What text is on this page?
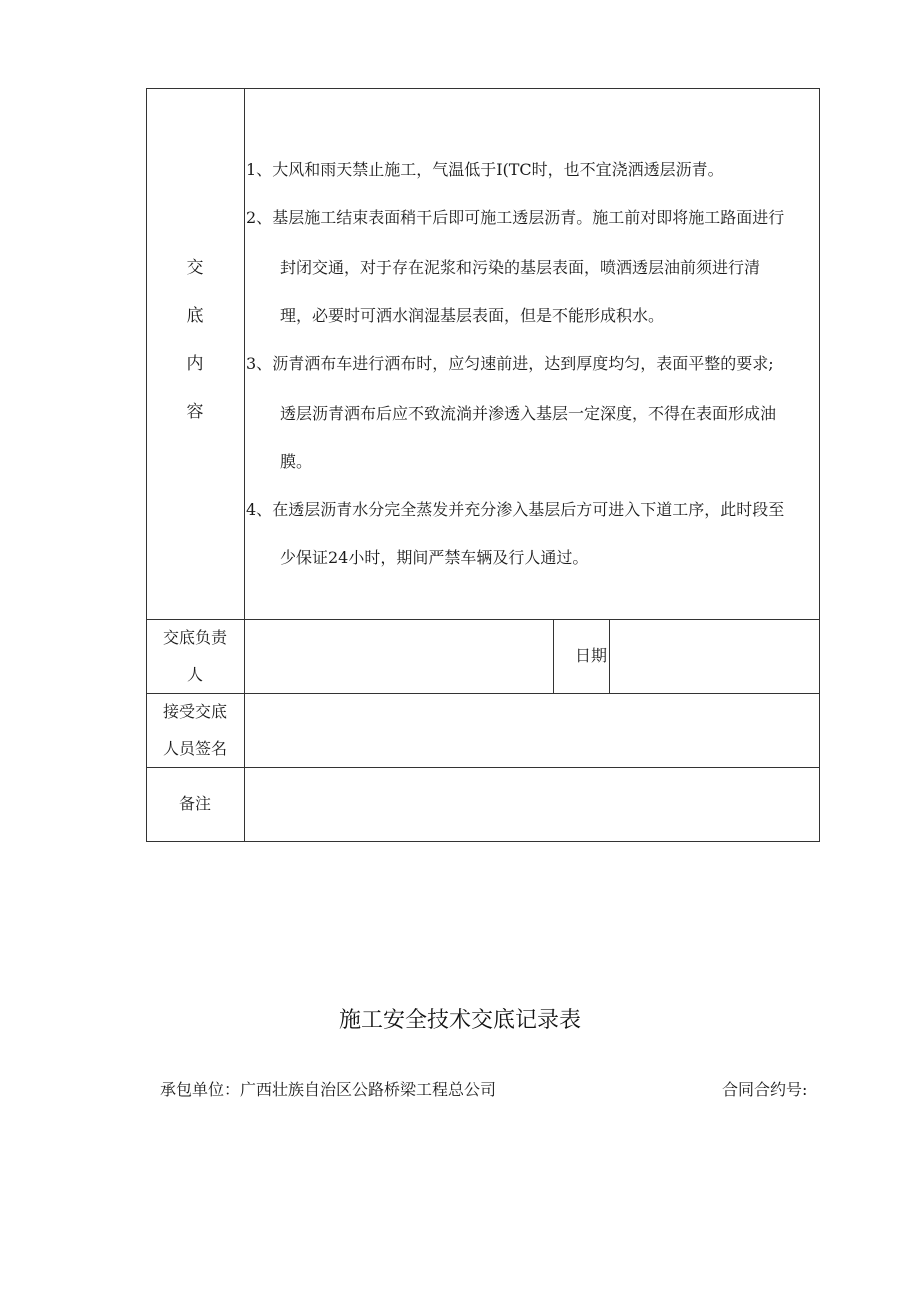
交
底
内
容
1、大风和雨天禁止施工，气温低于I(TC时，也不宜浇洒透层沥青。
2、基层施工结束表面稍干后即可施工透层沥青。施工前对即将施工路面进行
封闭交通，对于存在泥浆和污染的基层表面，喷洒透层油前须进行清
理，必要时可洒水润湿基层表面，但是不能形成积水。
3、沥青洒布车进行洒布时，应匀速前进，达到厚度均匀，表面平整的要求;
透层沥青洒布后应不致流淌并渗透入基层一定深度，不得在表面形成油
膜。
4、在透层沥青水分完全蒸发并充分渗入基层后方可进入下道工序，此时段至
少保证24小时，期间严禁车辆及行人通过。
交底负责
人
日期
接受交底
人员签名
备注
施工安全技术交底记录表
承包单位：广西壮族自治区公路桥梁工程总公司	合同合约号:
